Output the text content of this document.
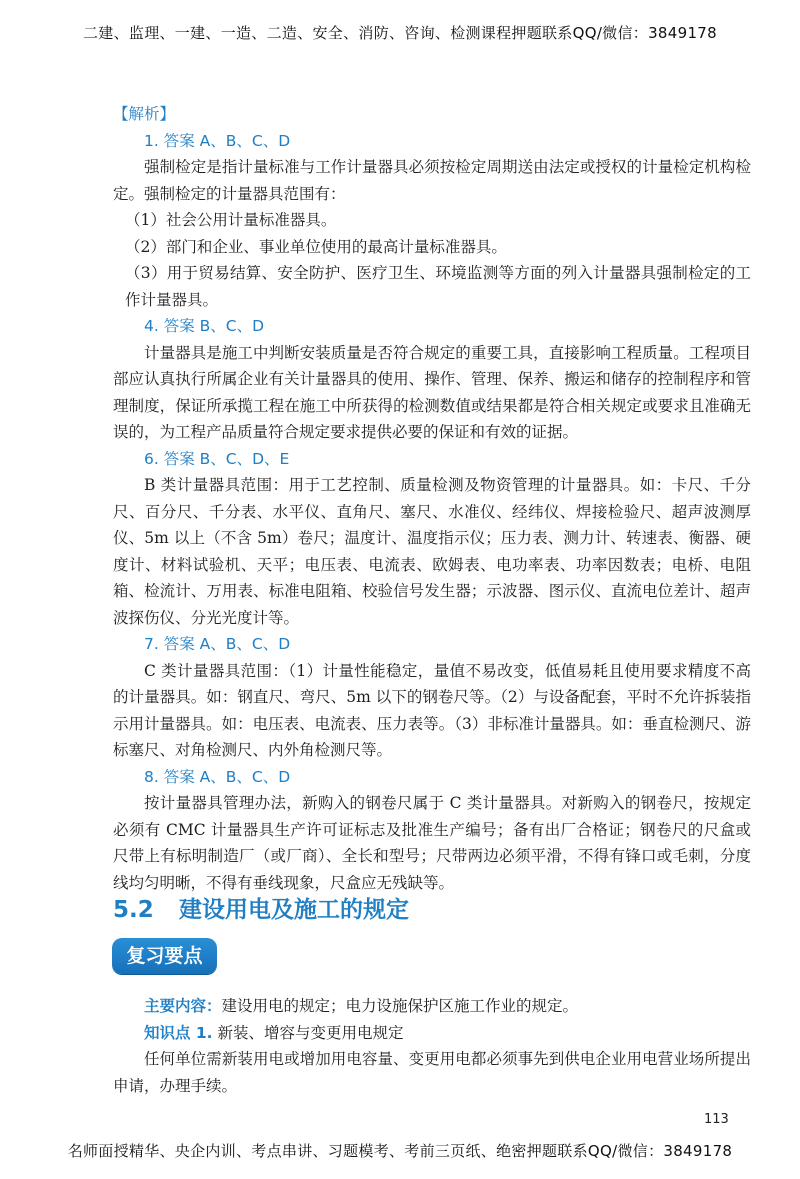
二建、监理、一建、一造、二造、安全、消防、咨询、检测课程押题联系QQ/微信：3849178

【解析】

1. 答案 A、B、C、D

强制检定是指计量标准与工作计量器具必须按检定周期送由法定或授权的计量检定机构检定。强制检定的计量器具范围有：

（1）社会公用计量标准器具。

（2）部门和企业、事业单位使用的最高计量标准器具。

（3）用于贸易结算、安全防护、医疗卫生、环境监测等方面的列入计量器具强制检定的工作计量器具。

4. 答案 B、C、D

计量器具是施工中判断安装质量是否符合规定的重要工具，直接影响工程质量。工程项目部应认真执行所属企业有关计量器具的使用、操作、管理、保养、搬运和储存的控制程序和管理制度，保证所承揽工程在施工中所获得的检测数值或结果都是符合相关规定或要求且准确无误的，为工程产品质量符合规定要求提供必要的保证和有效的证据。

6. 答案 B、C、D、E

B 类计量器具范围：用于工艺控制、质量检测及物资管理的计量器具。如：卡尺、千分尺、百分尺、千分表、水平仪、直角尺、塞尺、水准仪、经纬仪、焊接检验尺、超声波测厚仪、5m 以上（不含 5m）卷尺；温度计、温度指示仪；压力表、测力计、转速表、衡器、硬度计、材料试验机、天平；电压表、电流表、欧姆表、电功率表、功率因数表；电桥、电阻箱、检流计、万用表、标准电阻箱、校验信号发生器；示波器、图示仪、直流电位差计、超声波探伤仪、分光光度计等。

7. 答案 A、B、C、D

C 类计量器具范围：（1）计量性能稳定，量值不易改变，低值易耗且使用要求精度不高的计量器具。如：钢直尺、弯尺、5m 以下的钢卷尺等。（2）与设备配套，平时不允许拆装指示用计量器具。如：电压表、电流表、压力表等。（3）非标准计量器具。如：垂直检测尺、游标塞尺、对角检测尺、内外角检测尺等。

8. 答案 A、B、C、D

按计量器具管理办法，新购入的钢卷尺属于 C 类计量器具。对新购入的钢卷尺，按规定必须有 CMC 计量器具生产许可证标志及批准生产编号；备有出厂合格证；钢卷尺的尺盒或尺带上有标明制造厂（或厂商）、全长和型号；尺带两边必须平滑，不得有锋口或毛刺，分度线均匀明晰，不得有垂线现象，尺盒应无残缺等。

5.2 建设用电及施工的规定
复习要点

主要内容：建设用电的规定；电力设施保护区施工作业的规定。

知识点 1. 新装、增容与变更用电规定

任何单位需新装用电或增加用电容量、变更用电都必须事先到供电企业用电营业场所提出申请，办理手续。

113
名师面授精华、央企内训、考点串讲、习题模考、考前三页纸、绝密押题联系QQ/微信：3849178
